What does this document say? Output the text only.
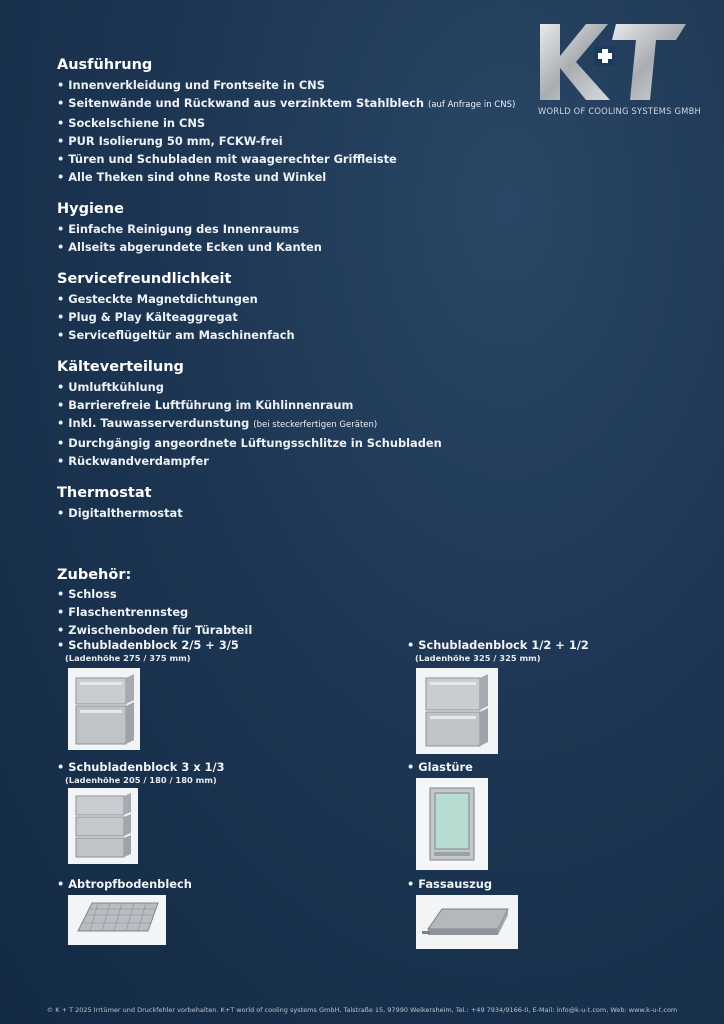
WORLD OF COOLING SYSTEMS GMBH
Ausführung
• Innenverkleidung und Frontseite in CNS
• Seitenwände und Rückwand aus verzinktem Stahlblech (auf Anfrage in CNS)
• Sockelschiene in CNS
• PUR Isolierung 50 mm, FCKW-frei
• Türen und Schubladen mit waagerechter Griffleiste
• Alle Theken sind ohne Roste und Winkel
Hygiene
• Einfache Reinigung des Innenraums
• Allseits abgerundete Ecken und Kanten
Servicefreundlichkeit
• Gesteckte Magnetdichtungen
• Plug & Play Kälteaggregat
• Serviceflügeltür am Maschinenfach
Kälteverteilung
• Umluftkühlung
• Barrierefreie Luftführung im Kühlinnenraum
• Inkl. Tauwasserverdunstung (bei steckerfertigen Geräten)
• Durchgängig angeordnete Lüftungsschlitze in Schubladen
• Rückwandverdampfer
Thermostat
• Digitalthermostat
Zubehör:
• Schloss
• Flaschentrennsteg
• Zwischenboden für Türabteil
• Schubladenblock 2/5 + 3/5
(Ladenhöhe 275 / 375 mm)
• Schubladenblock 1/2 + 1/2
(Ladenhöhe 325 / 325 mm)
• Schubladenblock 3 x 1/3
(Ladenhöhe 205 / 180 / 180 mm)
• Glastüre
• Abtropfbodenblech	• Fassauszug
© K + T 2025 Irrtümer und Druckfehler vorbehalten. K+T world of cooling systems GmbH, Talstraße 15, 97990 Weikersheim, Tel.: +49 7934/9166-0, E-Mail: info@k-u-t.com, Web: www.k-u-t.com
